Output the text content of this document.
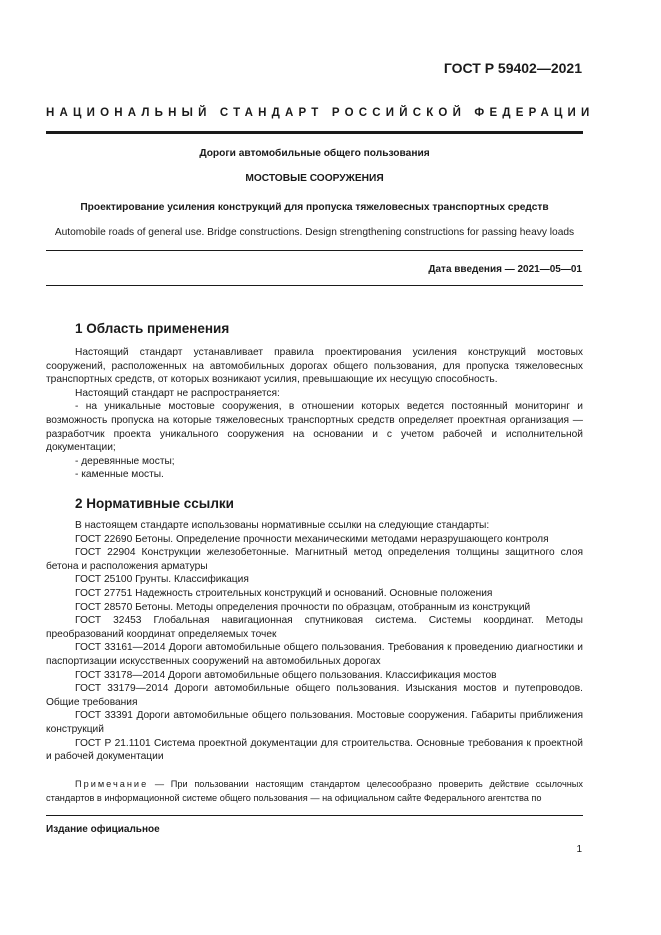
ГОСТ Р 59402—2021
НАЦИОНАЛЬНЫЙ СТАНДАРТ РОССИЙСКОЙ ФЕДЕРАЦИИ
Дороги автомобильные общего пользования
МОСТОВЫЕ СООРУЖЕНИЯ
Проектирование усиления конструкций для пропуска тяжеловесных транспортных средств
Automobile roads of general use. Bridge constructions. Design strengthening constructions for passing heavy loads
Дата введения — 2021—05—01
1 Область применения

Настоящий стандарт устанавливает правила проектирования усиления конструкций мостовых сооружений, расположенных на автомобильных дорогах общего пользования, для пропуска тяжеловесных транспортных средств, от которых возникают усилия, превышающие их несущую способность.

Настоящий стандарт не распространяется:

- на уникальные мостовые сооружения, в отношении которых ведется постоянный мониторинг и возможность пропуска на которые тяжеловесных транспортных средств определяет проектная организация — разработчик проекта уникального сооружения на основании и с учетом рабочей и исполнительной документации;

- деревянные мосты;

- каменные мосты.

2 Нормативные ссылки

В настоящем стандарте использованы нормативные ссылки на следующие стандарты:

ГОСТ 22690 Бетоны. Определение прочности механическими методами неразрушающего контроля

ГОСТ 22904 Конструкции железобетонные. Магнитный метод определения толщины защитного слоя бетона и расположения арматуры

ГОСТ 25100 Грунты. Классификация

ГОСТ 27751 Надежность строительных конструкций и оснований. Основные положения

ГОСТ 28570 Бетоны. Методы определения прочности по образцам, отобранным из конструкций

ГОСТ 32453 Глобальная навигационная спутниковая система. Системы координат. Методы преобразований координат определяемых точек

ГОСТ 33161—2014 Дороги автомобильные общего пользования. Требования к проведению диагностики и паспортизации искусственных сооружений на автомобильных дорогах

ГОСТ 33178—2014 Дороги автомобильные общего пользования. Классификация мостов

ГОСТ 33179—2014 Дороги автомобильные общего пользования. Изыскания мостов и путепроводов. Общие требования

ГОСТ 33391 Дороги автомобильные общего пользования. Мостовые сооружения. Габариты приближения конструкций

ГОСТ Р 21.1101 Система проектной документации для строительства. Основные требования к проектной и рабочей документации

Примечание — При пользовании настоящим стандартом целесообразно проверить действие ссылочных стандартов в информационной системе общего пользования — на официальном сайте Федерального агентства по

Издание официальное
1
